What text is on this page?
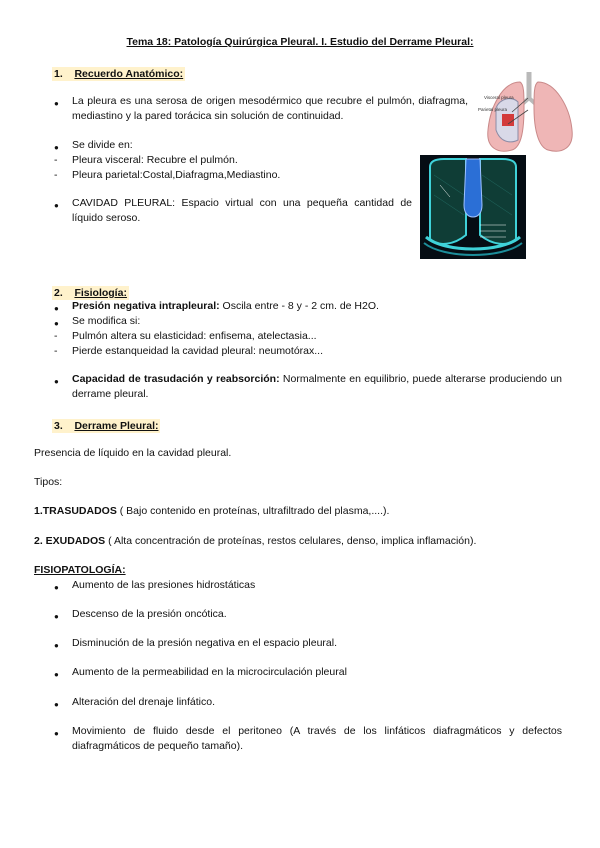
Tema 18: Patología Quirúrgica Pleural. I. Estudio del Derrame Pleural:
1. Recuerdo Anatómico:
● La pleura es una serosa de origen mesodérmico que recubre el pulmón, diafragma, mediastino y la pared torácica sin solución de continuidad.
● Se divide en:
- Pleura visceral: Recubre el pulmón.
- Pleura parietal:Costal,Diafragma,Mediastino.
● CAVIDAD PLEURAL: Espacio virtual con una pequeña cantidad de líquido seroso.
Visceral pleura
Parietal pleura
2. Fisiología:
● Presión negativa intrapleural: Oscila entre - 8 y - 2 cm. de H2O.
● Se modifica si:
- Pulmón altera su elasticidad: enfisema, atelectasia...
- Pierde estanqueidad la cavidad pleural: neumotórax...
● Capacidad de trasudación y reabsorción: Normalmente en equilibrio, puede alterarse produciendo un derrame pleural.
3. Derrame Pleural:
Presencia de líquido en la cavidad pleural.
Tipos:
1.TRASUDADOS ( Bajo contenido en proteínas, ultrafiltrado del plasma,....).
2. EXUDADOS ( Alta concentración de proteínas, restos celulares, denso, implica inflamación).
FISIOPATOLOGÍA:
● Aumento de las presiones hidrostáticas
● Descenso de la presión oncótica.
● Disminución de la presión negativa en el espacio pleural.
● Aumento de la permeabilidad en la microcirculación pleural
● Alteración del drenaje linfático.
● Movimiento de fluido desde el peritoneo (A través de los linfáticos diafragmáticos y defectos diafragmáticos de pequeño tamaño).
